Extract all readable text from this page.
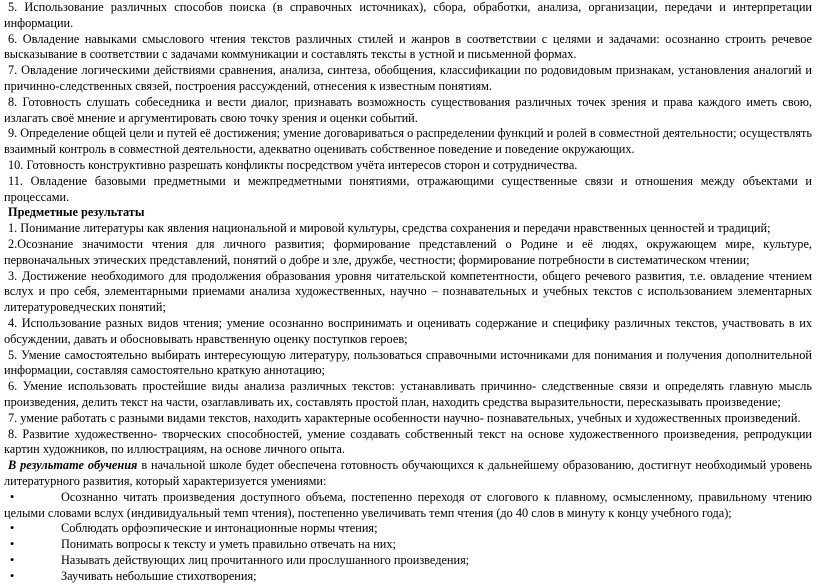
5. Использование различных способов поиска (в справочных источниках), сбора, обработки, анализа, организации, передачи и интерпретации информации.

6. Овладение навыками смыслового чтения текстов различных стилей и жанров в соответствии с целями и задачами: осознанно строить речевое высказывание в соответствии с задачами коммуникации и составлять тексты в устной и письменной формах.

7. Овладение логическими действиями сравнения, анализа, синтеза, обобщения, классификации по родовидовым признакам, установления аналогий и причинно-следственных связей, построения рассуждений, отнесения к известным понятиям.

8. Готовность слушать собеседника и вести диалог, признавать возможность существования различных точек зрения и права каждого иметь свою, излагать своё мнение и аргументировать свою точку зрения и оценки событий.

9. Определение общей цели и путей её достижения; умение договариваться о распределении функций и ролей в совместной деятельности; осуществлять взаимный контроль в совместной деятельности, адекватно оценивать собственное поведение и поведение окружающих.

10. Готовность конструктивно разрешать конфликты посредством учёта интересов сторон и сотрудничества.

11. Овладение базовыми предметными и межпредметными понятиями, отражающими существенные связи и отношения между объектами и процессами.

Предметные результаты

1. Понимание литературы как явления национальной и мировой культуры, средства сохранения и передачи нравственных ценностей и традиций;

2.Осознание значимости чтения для личного развития; формирование представлений о Родине и её людях, окружающем мире, культуре, первоначальных этических представлений, понятий о добре и зле, дружбе, честности; формирование потребности в систематическом чтении;

3. Достижение необходимого для продолжения образования уровня читательской компетентности, общего речевого развития, т.е. овладение чтением вслух и про себя, элементарными приемами анализа художественных, научно – познавательных и учебных текстов с использованием элементарных литературоведческих понятий;

4. Использование разных видов чтения; умение осознанно воспринимать и оценивать содержание и специфику различных текстов, участвовать в их обсуждении, давать и обосновывать нравственную оценку поступков героев;

5. Умение самостоятельно выбирать интересующую литературу, пользоваться справочными источниками для понимания и получения дополнительной информации, составляя самостоятельно краткую аннотацию;

6. Умение использовать простейшие виды анализа различных текстов: устанавливать причинно- следственные связи и определять главную мысль произведения, делить текст на части, озаглавливать их, составлять простой план, находить средства выразительности, пересказывать произведение;

7. умение работать с разными видами текстов, находить характерные особенности научно- познавательных, учебных и художественных произведений.

8. Развитие художественно- творческих способностей, умение создавать собственный текст на основе художественного произведения, репродукции картин художников, по иллюстрациям, на основе личного опыта.

В результате обучения в начальной школе будет обеспечена готовность обучающихся к дальнейшему образованию, достигнут необходимый уровень литературного развития, который характеризуется умениями:

•	Осознанно читать произведения доступного объема, постепенно переходя от слогового к плавному, осмысленному, правильному чтению целыми словами вслух (индивидуальный темп чтения), постепенно увеличивать темп чтения (до 40 слов в минуту к концу учебного года);

•	Соблюдать орфоэпические и интонационные нормы чтения;

•	Понимать вопросы к тексту и уметь правильно отвечать на них;

•	Называть действующих лиц прочитанного или прослушанного произведения;

•	Заучивать небольшие стихотворения;
